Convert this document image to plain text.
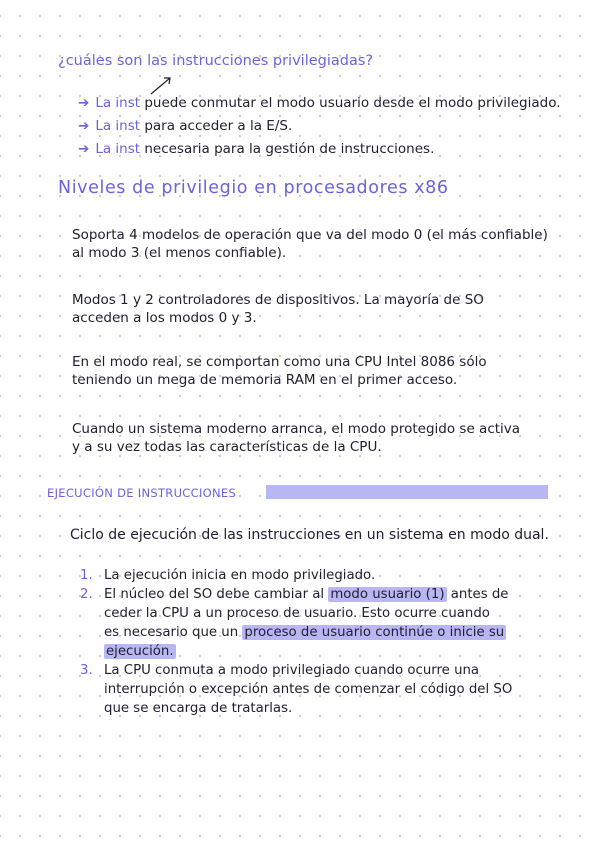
¿cuáles son las instrucciones privilegiadas?
➔ La inst puede conmutar el modo usuario desde el modo privilegiado.
➔ La inst para acceder a la E/S.
➔ La inst necesaria para la gestión de instrucciones.
Niveles de privilegio en procesadores x86
Soporta 4 modelos de operación que va del modo 0 (el más confiable)
al modo 3 (el menos confiable).
Modos 1 y 2 controladores de dispositivos. La mayoría de SO
acceden a los modos 0 y 3.
En el modo real, se comportan como una CPU Intel 8086 sólo
teniendo un mega de memoria RAM en el primer acceso.
Cuando un sistema moderno arranca, el modo protegido se activa
y a su vez todas las características de la CPU.
EJECUCIÓN DE INSTRUCCIONES
Ciclo de ejecución de las instrucciones en un sistema en modo dual.
1. La ejecución inicia en modo privilegiado.
2. El núcleo del SO debe cambiar al modo usuario (1) antes de
ceder la CPU a un proceso de usuario. Esto ocurre cuando
es necesario que un proceso de usuario continúe o inicie su
ejecución.
3. La CPU conmuta a modo privilegiado cuando ocurre una
interrupción o excepción antes de comenzar el código del SO
que se encarga de tratarlas.
